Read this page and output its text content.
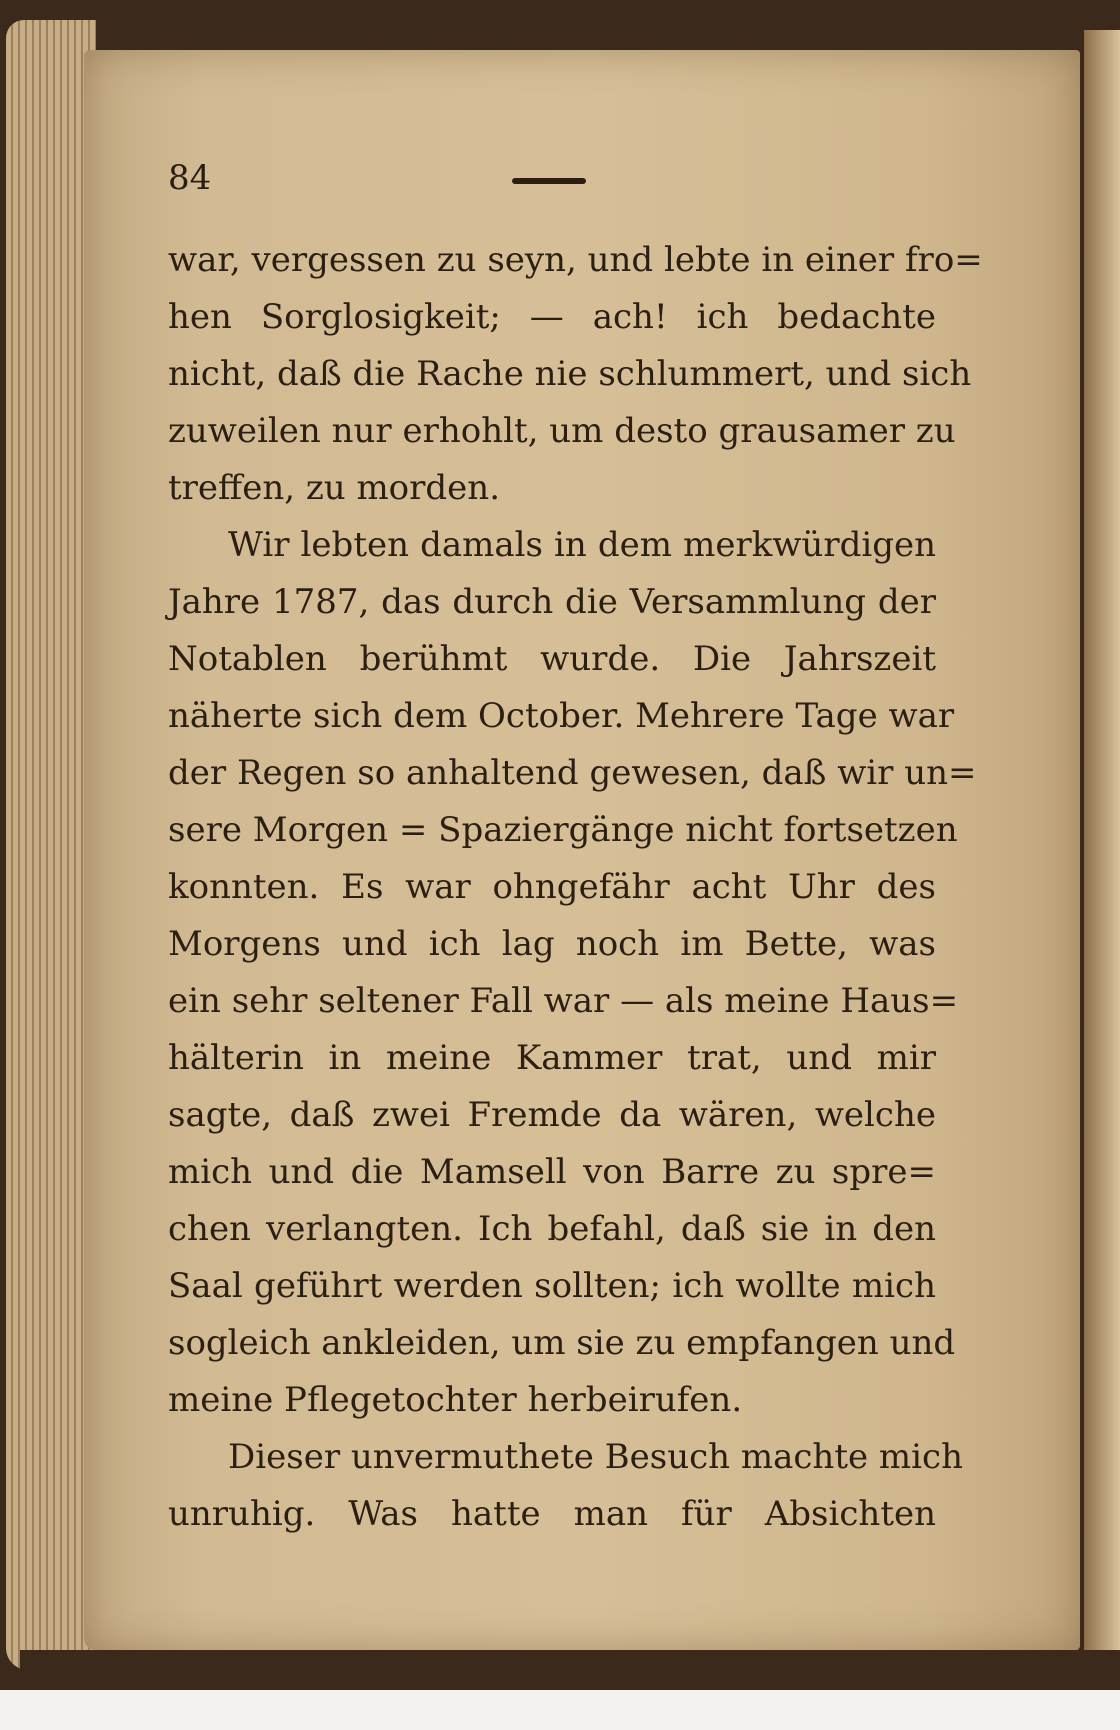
84
war, vergessen zu seyn, und lebte in einer fro=
hen Sorglosigkeit; — ach! ich bedachte
nicht, daß die Rache nie schlummert, und sich
zuweilen nur erhohlt, um desto grausamer zu
treffen, zu morden.
Wir lebten damals in dem merkwürdigen
Jahre 1787, das durch die Versammlung der
Notablen berühmt wurde. Die Jahrszeit
näherte sich dem October. Mehrere Tage war
der Regen so anhaltend gewesen, daß wir un=
sere Morgen = Spaziergänge nicht fortsetzen
konnten. Es war ohngefähr acht Uhr des
Morgens und ich lag noch im Bette, was
ein sehr seltener Fall war — als meine Haus=
hälterin in meine Kammer trat, und mir
sagte, daß zwei Fremde da wären, welche
mich und die Mamsell von Barre zu spre=
chen verlangten. Ich befahl, daß sie in den
Saal geführt werden sollten; ich wollte mich
sogleich ankleiden, um sie zu empfangen und
meine Pflegetochter herbeirufen.
Dieser unvermuthete Besuch machte mich
unruhig. Was hatte man für Absichten
